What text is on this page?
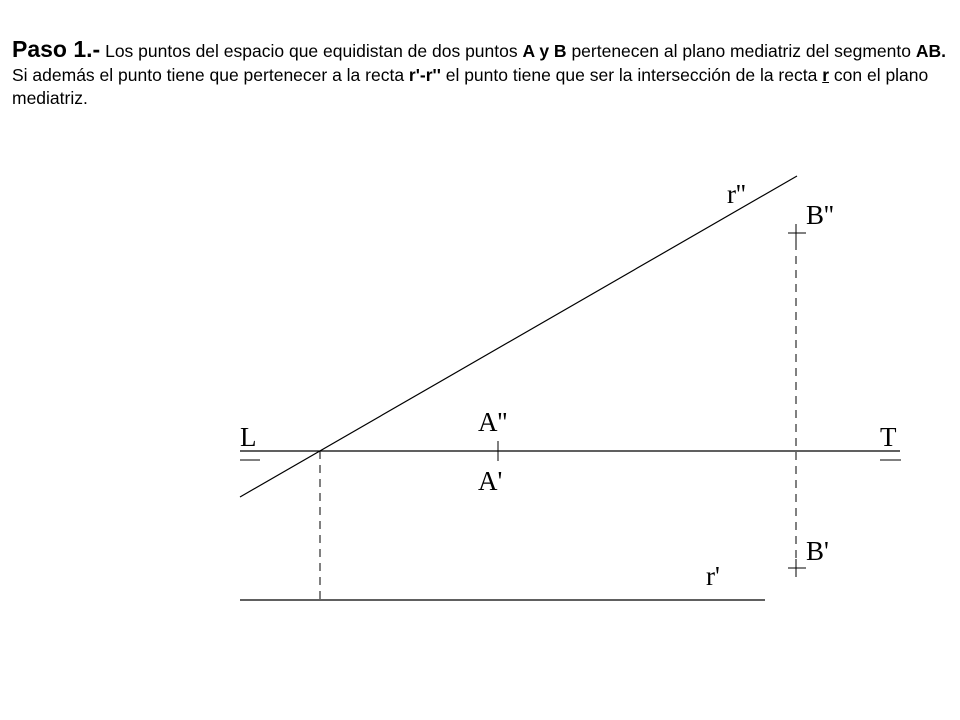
Paso 1.- Los puntos del espacio que equidistan de dos puntos A y B pertenecen al plano mediatriz del segmento AB. Si además el punto tiene que pertenecer a la recta r'-r'' el punto tiene que ser la intersección de la recta r con el plano mediatriz.

L	T
A''
A'
B''
B'
r''
r'
